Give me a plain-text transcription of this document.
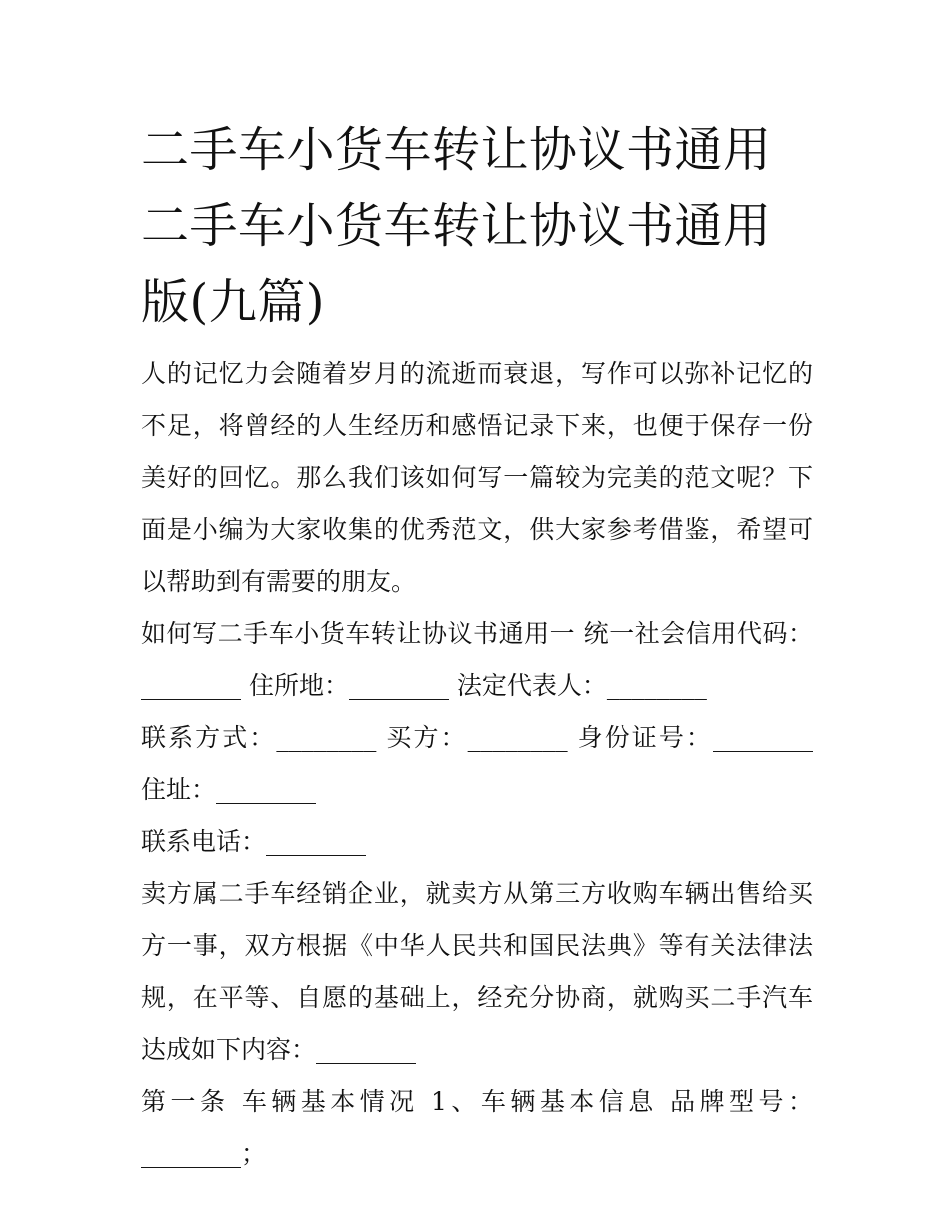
二手车小货车转让协议书通用二手车小货车转让协议书通用版(九篇)

人的记忆力会随着岁月的流逝而衰退，写作可以弥补记忆的不足，将曾经的人生经历和感悟记录下来，也便于保存一份美好的回忆。那么我们该如何写一篇较为完美的范文呢？下面是小编为大家收集的优秀范文，供大家参考借鉴，希望可以帮助到有需要的朋友。

如何写二手车小货车转让协议书通用一 统一社会信用代码：________ 住所地：________ 法定代表人：________

联系方式：________ 买方：________ 身份证号：________ 住址：________

联系电话：________

卖方属二手车经销企业，就卖方从第三方收购车辆出售给买方一事，双方根据《中华人民共和国民法典》等有关法律法规，在平等、自愿的基础上，经充分协商，就购买二手汽车达成如下内容：________

第一条 车辆基本情况 1、车辆基本信息 品牌型号：________；
